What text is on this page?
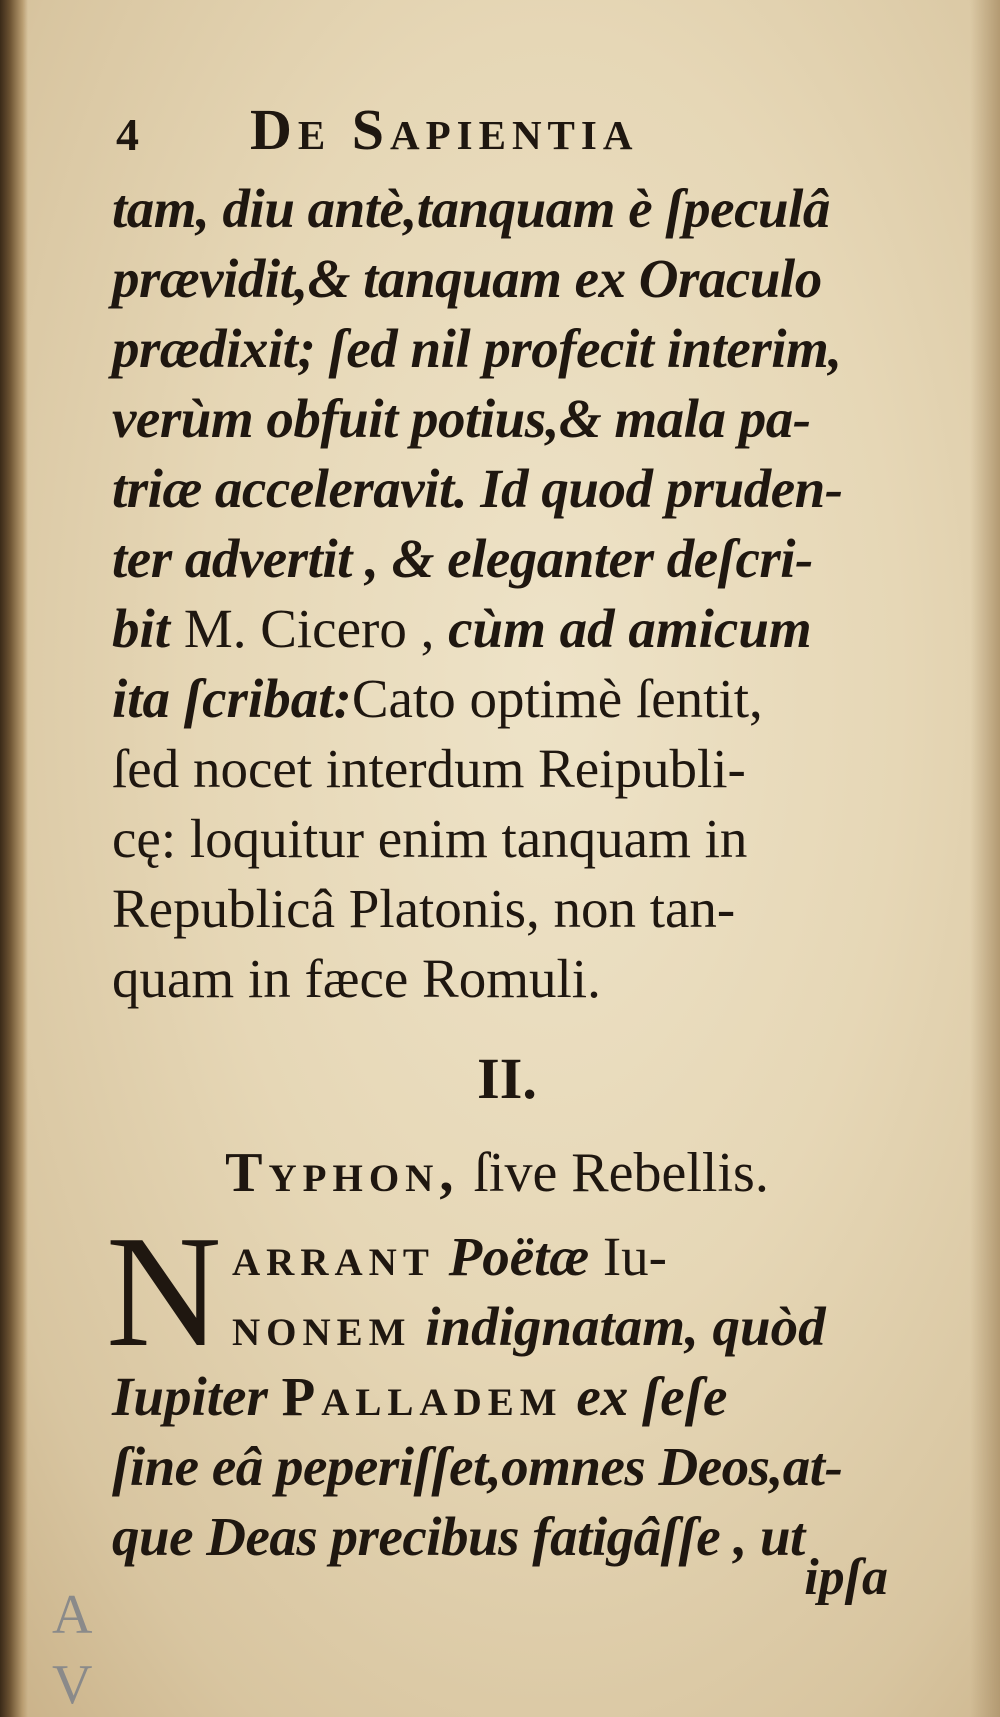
4 De Sapientia
tam, diu antè,tanquam è ſpeculâ
prævidit,& tanquam ex Oraculo
prædixit; ſed nil profecit interim,
verùm obfuit potius,& mala pa-
triæ acceleravit. Id quod pruden-
ter advertit , & eleganter deſcri-
bit M. Cicero , cùm ad amicum
ita ſcribat:Cato optimè ſentit,
ſed nocet interdum Reipubli-
cę: loquitur enim tanquam in
Republicâ Platonis, non tan-
quam in fæce Romuli.
II.
Typhon, ſive Rebellis.
N arrant Poëtæ Iu-
nonem indignatam, quòd
Iupiter Palladem ex ſeſe
ſine eâ peperiſſet,omnes Deos,at-
que Deas precibus fatigâſſe , ut
ipſa
A
V
